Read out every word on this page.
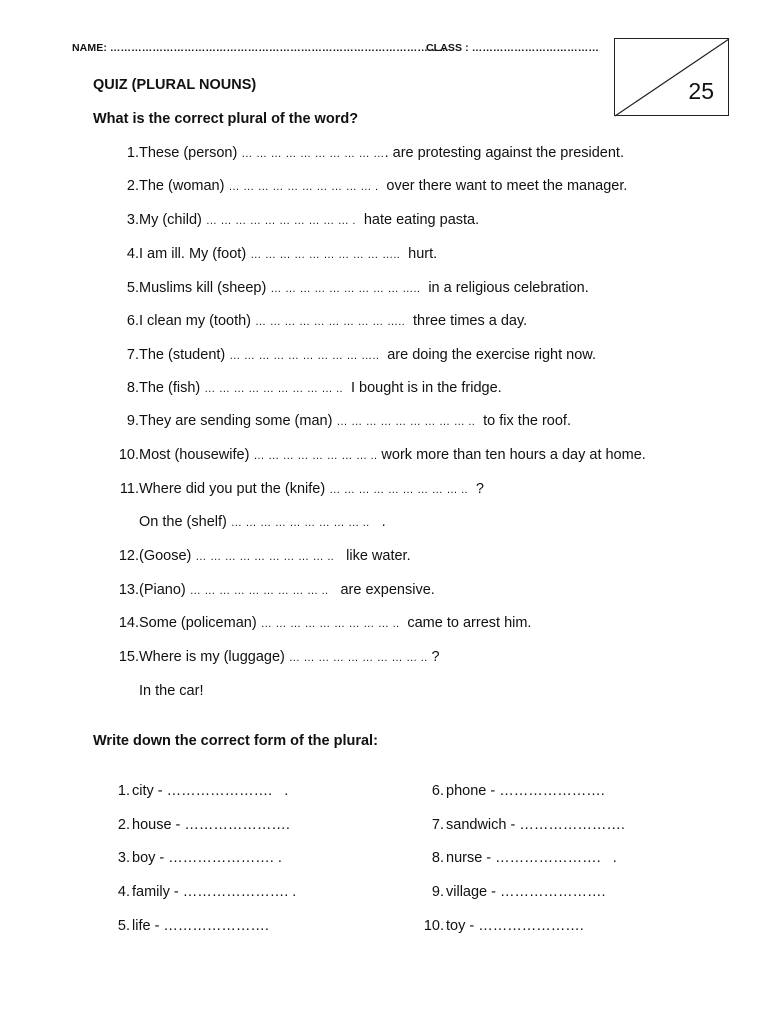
NAME: ……………………………………………………………………………………
CLASS : ………………………………
25
QUIZ (PLURAL NOUNS)
What is the correct plural of the word?
1. These (person) … … … … … … … … … …. are protesting against the president.
2. The (woman) … … … … … … … … … … .  over there want to meet the manager.
3. My (child) … … … … … … … … … … .  hate eating pasta.
4. I am ill. My (foot) … … … … … … … … … …..  hurt.
5. Muslims kill (sheep) … … … … … … … … … …..  in a religious celebration.
6. I clean my (tooth) … … … … … … … … … …..  three times a day.
7. The (student) … … … … … … … … … …..  are doing the exercise right now.
8. The (fish) … … … … … … … … … ..  I bought is in the fridge.
9. They are sending some (man) … … … … … … … … … ..  to fix the roof.
10. Most (housewife) … … … … … … … … .. work more than ten hours a day at home.
11. Where did you put the (knife) … … … … … … … … … ..  ?
On the (shelf) … … … … … … … … … ..   .
12. (Goose) … … … … … … … … … ..   like water.
13. (Piano) … … … … … … … … … ..   are expensive.
14. Some (policeman) … … … … … … … … … ..  came to arrest him.
15. Where is my (luggage) … … … … … … … … … .. ?
In the car!
Write down the correct form of the plural:
1. city - ………………….   .
2. house - ………………….
3. boy - …………………. .
4. family - …………………. .
5. life - ………………….
6. phone - ………………….
7. sandwich - ………………….
8. nurse - ………………….   .
9. village - ………………….
10. toy - ………………….
